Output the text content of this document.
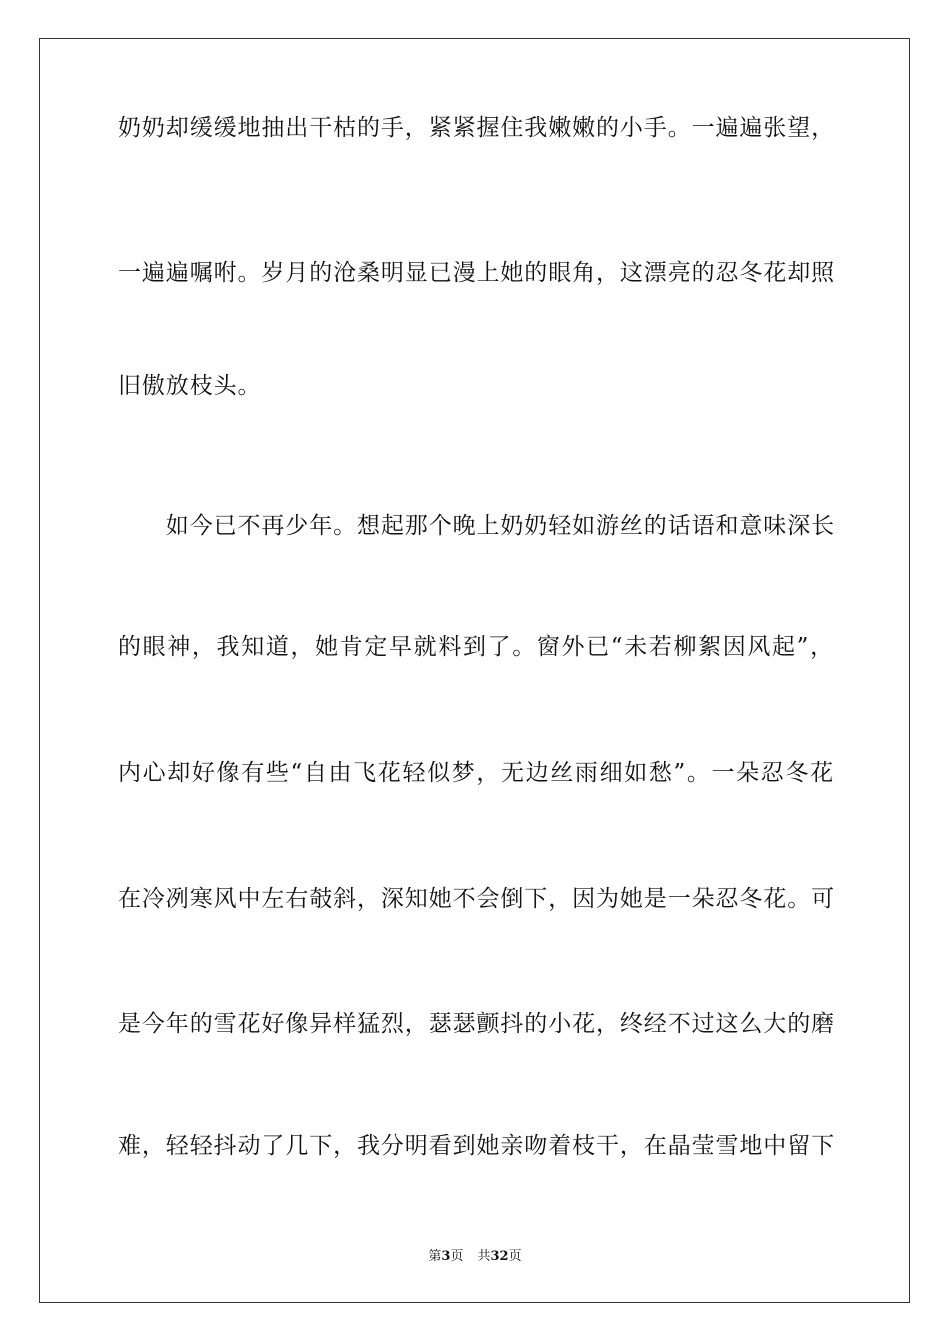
奶奶却缓缓地抽出干枯的手，紧紧握住我嫩嫩的小手。一遍遍张望，
一遍遍嘱咐。岁月的沧桑明显已漫上她的眼角，这漂亮的忍冬花却照
旧傲放枝头。
　　如今已不再少年。想起那个晚上奶奶轻如游丝的话语和意味深长
的眼神，我知道，她肯定早就料到了。窗外已“未若柳絮因风起”，
内心却好像有些“自由飞花轻似梦，无边丝雨细如愁”。一朵忍冬花
在冷冽寒风中左右攲斜，深知她不会倒下，因为她是一朵忍冬花。可
是今年的雪花好像异样猛烈，瑟瑟颤抖的小花，终经不过这么大的磨
难，轻轻抖动了几下，我分明看到她亲吻着枝干，在晶莹雪地中留下
第3页 共32页
